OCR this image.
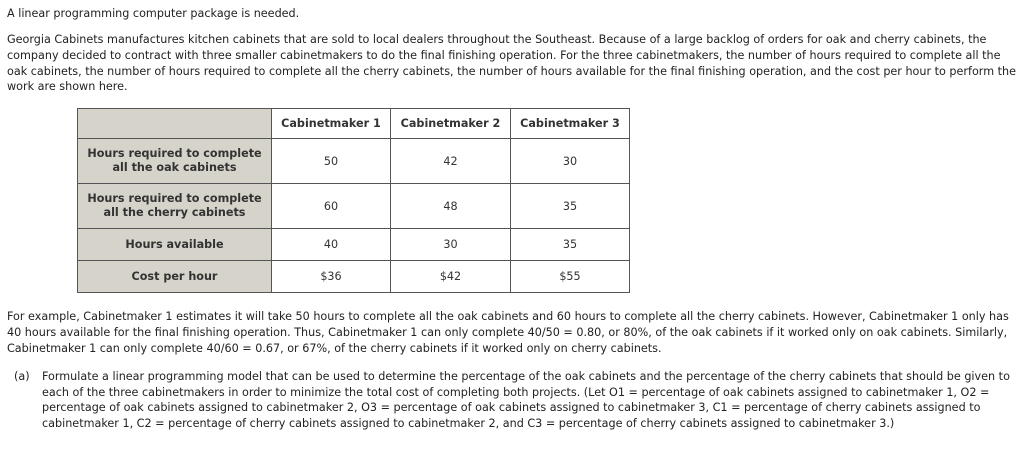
A linear programming computer package is needed.

Georgia Cabinets manufactures kitchen cabinets that are sold to local dealers throughout the Southeast. Because of a large backlog of orders for oak and cherry cabinets, the company decided to contract with three smaller cabinetmakers to do the final finishing operation. For the three cabinetmakers, the number of hours required to complete all the oak cabinets, the number of hours required to complete all the cherry cabinets, the number of hours available for the final finishing operation, and the cost per hour to perform the work are shown here.

	Cabinetmaker 1	Cabinetmaker 2	Cabinetmaker 3
Hours required to complete all the oak cabinets	50	42	30
Hours required to complete all the cherry cabinets	60	48	35
Hours available	40	30	35
Cost per hour	$36	$42	$55

For example, Cabinetmaker 1 estimates it will take 50 hours to complete all the oak cabinets and 60 hours to complete all the cherry cabinets. However, Cabinetmaker 1 only has 40 hours available for the final finishing operation. Thus, Cabinetmaker 1 can only complete 40/50 = 0.80, or 80%, of the oak cabinets if it worked only on oak cabinets. Similarly, Cabinetmaker 1 can only complete 40/60 = 0.67, or 67%, of the cherry cabinets if it worked only on cherry cabinets.

(a)	Formulate a linear programming model that can be used to determine the percentage of the oak cabinets and the percentage of the cherry cabinets that should be given to each of the three cabinetmakers in order to minimize the total cost of completing both projects. (Let O1 = percentage of oak cabinets assigned to cabinetmaker 1, O2 = percentage of oak cabinets assigned to cabinetmaker 2, O3 = percentage of oak cabinets assigned to cabinetmaker 3, C1 = percentage of cherry cabinets assigned to cabinetmaker 1, C2 = percentage of cherry cabinets assigned to cabinetmaker 2, and C3 = percentage of cherry cabinets assigned to cabinetmaker 3.)
